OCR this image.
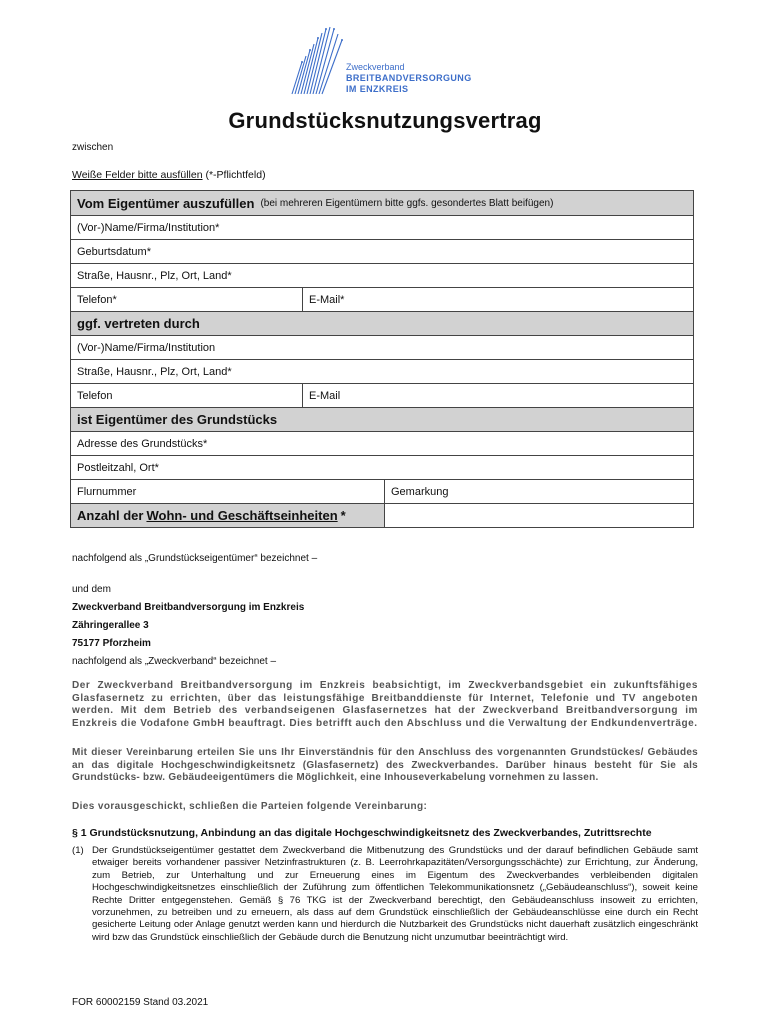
Zweckverband
BREITBANDVERSORGUNG
IM ENZKREIS
Grundstücksnutzungsvertrag
zwischen
Weiße Felder bitte ausfüllen (*-Pflichtfeld)
Vom Eigentümer auszufüllen (bei mehreren Eigentümern bitte ggfs. gesondertes Blatt beifügen)
(Vor-)Name/Firma/Institution*
Geburtsdatum*
Straße, Hausnr., Plz, Ort, Land*
Telefon*	E-Mail*
ggf. vertreten durch
(Vor-)Name/Firma/Institution
Straße, Hausnr., Plz, Ort, Land*
Telefon	E-Mail
ist Eigentümer des Grundstücks
Adresse des Grundstücks*
Postleitzahl, Ort*
Flurnummer	Gemarkung
Anzahl der Wohn- und Geschäftseinheiten *
nachfolgend als „Grundstückseigentümer“ bezeichnet –
und dem
Zweckverband Breitbandversorgung im Enzkreis
Zähringerallee 3
75177 Pforzheim
nachfolgend als „Zweckverband“ bezeichnet –
Der Zweckverband Breitbandversorgung im Enzkreis beabsichtigt, im Zweckverbandsgebiet ein zukunftsfähiges Glasfasernetz zu errichten, über das leistungsfähige Breitbanddienste für Internet, Telefonie und TV angeboten werden. Mit dem Betrieb des verbandseigenen Glasfasernetzes hat der Zweckverband Breitbandversorgung im Enzkreis die Vodafone GmbH beauftragt. Dies betrifft auch den Abschluss und die Verwaltung der Endkundenverträge.
Mit dieser Vereinbarung erteilen Sie uns Ihr Einverständnis für den Anschluss des vorgenannten Grundstückes/ Gebäudes an das digitale Hochgeschwindigkeitsnetz (Glasfasernetz) des Zweckverbandes. Darüber hinaus besteht für Sie als Grundstücks- bzw. Gebäudeeigentümers die Möglichkeit, eine Inhouseverkabelung vornehmen zu lassen.
Dies vorausgeschickt, schließen die Parteien folgende Vereinbarung:
§ 1 Grundstücksnutzung, Anbindung an das digitale Hochgeschwindigkeitsnetz des Zweckverbandes, Zutrittsrechte
(1) Der Grundstückseigentümer gestattet dem Zweckverband die Mitbenutzung des Grundstücks und der darauf befindlichen Gebäude samt etwaiger bereits vorhandener passiver Netzinfrastrukturen (z. B. Leerrohrkapazitäten/Versorgungsschächte) zur Errichtung, zur Änderung, zum Betrieb, zur Unterhaltung und zur Erneuerung eines im Eigentum des Zweckverbandes verbleibenden digitalen Hochgeschwindigkeitsnetzes einschließlich der Zuführung zum öffentlichen Telekommunikationsnetz („Gebäudeanschluss“), soweit keine Rechte Dritter entgegenstehen. Gemäß § 76 TKG ist der Zweckverband berechtigt, den Gebäudeanschluss insoweit zu errichten, vorzunehmen, zu betreiben und zu erneuern, als dass auf dem Grundstück einschließlich der Gebäudeanschlüsse eine durch ein Recht gesicherte Leitung oder Anlage genutzt werden kann und hierdurch die Nutzbarkeit des Grundstücks nicht dauerhaft zusätzlich eingeschränkt wird bzw das Grundstück einschließlich der Gebäude durch die Benutzung nicht unzumutbar beeinträchtigt wird.
FOR 60002159 Stand 03.2021
